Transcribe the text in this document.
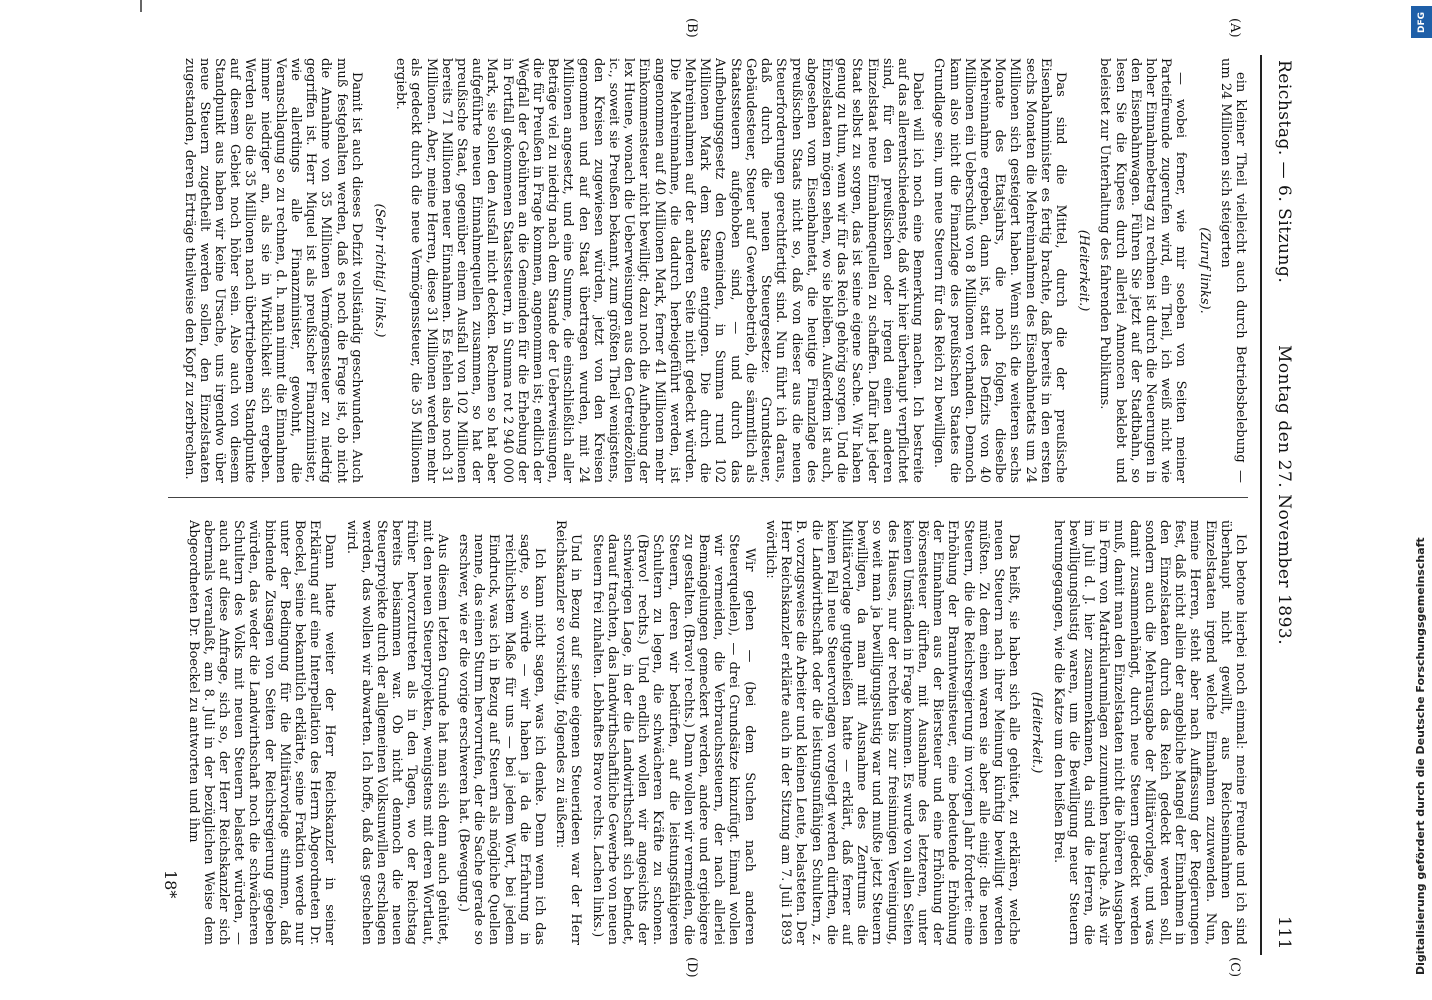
Reichstag. — 6. Sitzung.
Montag den 27. November 1893.
111
(A)
(B)
(C)
(D)

ein kleiner Theil vielleicht auch durch Betriebsbelebung — um 24 Millionen sich steigerten

(Zuruf links).

— wobei ferner, wie mir soeben von Seiten meiner Parteifreunde zugerufen wird, ein Theil, ich weiß nicht wie hoher Einnahmebetrag zu rechnen ist durch die Neuerungen in den Eisenbahnwagen. Führen Sie jetzt auf der Stadtbahn, so lesen Sie die Kupees durch allerlei Annoncen beklebt und beleistet zur Unterhaltung des fahrenden Publikums.

(Heiterkeit.)

Das sind die Mittel, durch die der preußische Eisenbahnminister es fertig brachte, daß bereits in den ersten sechs Monaten die Mehreinnahmen des Eisenbahnetats um 24 Millionen sich gesteigert haben. Wenn sich die weiteren sechs Monate des Etatsjahrs, die noch folgen, dieselbe Mehreinnahme ergeben, dann ist, statt des Defizits von 40 Millionen ein Ueberschuß von 8 Millionen vorhanden. Dennoch kann also nicht die Finanzlage des preußischen Staates die Grundlage sein, um neue Steuern für das Reich zu bewilligen.

Dabei will ich noch eine Bemerkung machen. Ich bestreite auf das allerentschiedenste, daß wir hier überhaupt verpflichtet sind, für den preußischen oder irgend einen anderen Einzelstaat neue Einnahmequellen zu schaffen. Dafür hat jeder Staat selbst zu sorgen, das ist seine eigene Sache. Wir haben genug zu thun, wenn wir für das Reich gehörig sorgen. Und die Einzelstaaten mögen sehen, wo sie bleiben. Außerdem ist auch, abgesehen vom Eisenbahnetat, die heutige Finanzlage des preußischen Staats nicht so, daß von dieser aus die neuen Steuerforderungen gerechtfertigt sind. Nun führt ich daraus, daß durch die neuen Steuergesetze: Grundsteuer, Gebäudesteuer, Steuer auf Gewerbebetrieb, die sämmtlich als Staatssteuern aufgehoben sind, — und durch das Aufhebungsgesetz den Gemeinden, in Summa rund 102 Millionen Mark dem Staate entgingen. Die durch die Mehreinnahmen auf der anderen Seite nicht gedeckt würden. Die Mehreinnahme, die dadurch herbeigeführt werden, ist angenommen auf 40 Millionen Mark, ferner 41 Millionen mehr Einkommensteuer nicht bewilligt; dazu noch die Aufhebung der lex Huene, wonach die Ueberweisungen aus den Getreidezöllen ic., soweit sie Preußen bekannt, zum größten Theil wenigstens, den Kreisen zugewiesen würden, jetzt von den Kreisen genommen und auf den Staat übertragen wurden, mit 24 Millionen angesetzt, und eine Summe, die einschließlich aller Beträge viel zu niedrig nach dem Stande der Ueberweisungen, die für Preußen in Frage kommen, angenommen ist; endlich der Wegfall der Gebühren an die Gemeinden für die Erhebung der in Fortfall gekommenen Staatssteuern, in Summa rot 2 940 000 Mark, sie sollen den Ausfall nicht decken. Rechnen so hat aber aufgeführte neuen Einnahmequellen zusammen, so hat der preußische Staat, gegenüber einem Ausfall von 102 Millionen bereits 71 Millionen neuer Einnahmen. Es fehlen also noch 31 Millionen. Aber, meine Herren, diese 31 Millionen werden mehr als gedeckt durch die neue Vermögenssteuer, die 35 Millionen ergiebt.

(Sehr richtig! links.)

Damit ist auch dieses Defizit vollständig geschwunden. Auch muß festgehalten werden, daß es noch die Frage ist, ob nicht die Annahme von 35 Millionen Vermögenssteuer zu niedrig gegriffen ist. Herr Miquel ist als preußischer Finanzminister, wie allerdings alle Finanzminister, gewohnt, die Veranschlagung so zu rechnen, d. h. man nimmt die Einnahmen immer niedriger an, als sie in Wirklichkeit sich ergeben. Werden also die 35 Millionen nach übertriebenem Standpunkte auf diesem Gebiet noch höher sein. Also auch von diesem Standpunkt aus haben wir keine Ursache, uns irgendwo über neue Steuern zugetheilt werden sollen, den Einzelstaaten zugestanden, deren Erträge theilweise den Kopf zu zerbrechen.

Ich betone hierbei noch einmal: meine Freunde und ich sind überhaupt nicht gewillt, aus Reichseinnahmen den Einzelstaaten irgend welche Einnahmen zuzuwenden. Nun, meine Herren, steht aber nach Auffassung der Regierungen fest, daß nicht allein der angebliche Mangel der Einnahmen in den Einzelstaaten durch das Reich gedeckt werden soll, sondern auch die Mehrausgabe der Militärvorlage, und was damit zusammenhängt, durch neue Steuern gedeckt werden muß, damit man den Einzelstaaten nicht die höheren Ausgaben in Form von Matrikularumlagen zuzumuthen brauche. Als wir im Juli d. J. hier zusammenkamen, da sind die Herren, die bewilligungslustig waren, um die Bewilligung neuer Steuern herumgegangen, wie die Katze um den heißen Brei.

(Heiterkeit.)

Das heißt, sie haben sich alle gehütet, zu erklären, welche neuen Steuern nach ihrer Meinung künftig bewilligt werden müßten. Zu dem einen waren sie aber alle einig: die neuen Steuern, die die Reichsregierung im vorigen Jahr forderte: eine Erhöhung der Branntweinsteuer, eine bedeutende Erhöhung der Einnahmen aus der Biersteuer und eine Erhöhung der Börsensteuer dürften, mit Ausnahme des letzteren, unter keinen Umständen in Frage kommen. Es wurde von allen Seiten des Hauses, nur der rechten bis zur freisinnigen Vereinigung, so weit man ja bewilligungslustig war und mußte jetzt Steuern bewilligen, da man mit Ausnahme des Zentrums die Militärvorlage gutgeheißen hatte — erklärt, daß ferner auf keinen Fall neue Steuervorlagen vorgelegt werden dürften, die die Landwirthschaft oder die leistungsunfähigen Schultern, z. B. vorzugsweise die Arbeiter und kleinen Leute, belasteten. Der Herr Reichskanzler erklärte auch in der Sitzung am 7. Juli 1893 wörtlich:

Wir gehen — (bei dem Suchen nach anderen Steuerquellen), — drei Grundsätze kinzufügt. Einmal wollen wir vermeiden, die Verbrauchssteuern, der nach allerlei Bemängelungen gemeckert werden, andere und ergiebigere zu gestalten. (Bravo! rechts.) Dann wollen wir vermeiden, die Steuern, deren wir bedürfen, auf die leistungsfähigeren Schultern zu legen, die schwächeren Kräfte zu schonen. (Bravo! rechts.) Und endlich wollen wir angesichts der schwierigen Lage, in der die Landwirthschaft sich befindet, darauf trachten, das landwirthschaftliche Gewerbe von neuen Steuern frei zuhalten. Lebhaftes Bravo rechts. Lachen links.)

Und in Bezug auf seine eigenen Steuerideen war der Herr Reichskanzler so vorsichtig, folgendes zu äußern:

Ich kann nicht sagen, was ich denke. Denn wenn ich das sagte, so würde — wir haben ja da die Erfahrung in reichlichstem Maße für uns — bei jedem Wort, bei jedem Eindruck, was ich in Bezug auf Steuern als mögliche Quellen nenne, das einen Sturm hervorrufen, der die Sache gerade so erschwer, wie er die vorige erschweren hat. (Bewegung.)

Aus diesem letzten Grunde hat man sich denn auch gehütet, mit den neuen Steuerprojekten, wenigstens mit deren Wortlaut, früher hervorzutreten als in den Tagen, wo der Reichstag bereits beisammen war. Ob nicht dennoch die neuen Steuerprojekte durch der allgemeinen Volksunwillen erschlagen werden, das wollen wir abwarten. Ich hoffe, daß das geschehen wird.

Dann hatte weiter der Herr Reichskanzler in seiner Erklärung auf eine Interpellation des Herrn Abgeordneten Dr. Boeckel, seine bekanntlich erklärte, seine Fraktion werde nur unter der Bedingung für die Militärvorlage stimmen, daß bindende Zusagen von Seiten der Reichsregierung gegeben würden, das weder die Landwirthschaft noch die schwächeren Schultern des Volks mit neuen Steuern belastet würden, — auch auf diese Anfrage, sich so, der Herr Reichskanzler sich abermals veranlaßt, am 8. Juli in der bezüglichen Weise dem Abgeordneten Dr. Boeckel zu antworten und ihm

18*	Digitalisierung gefördert durch die Deutsche Forschungsgemeinschaft
DFG
